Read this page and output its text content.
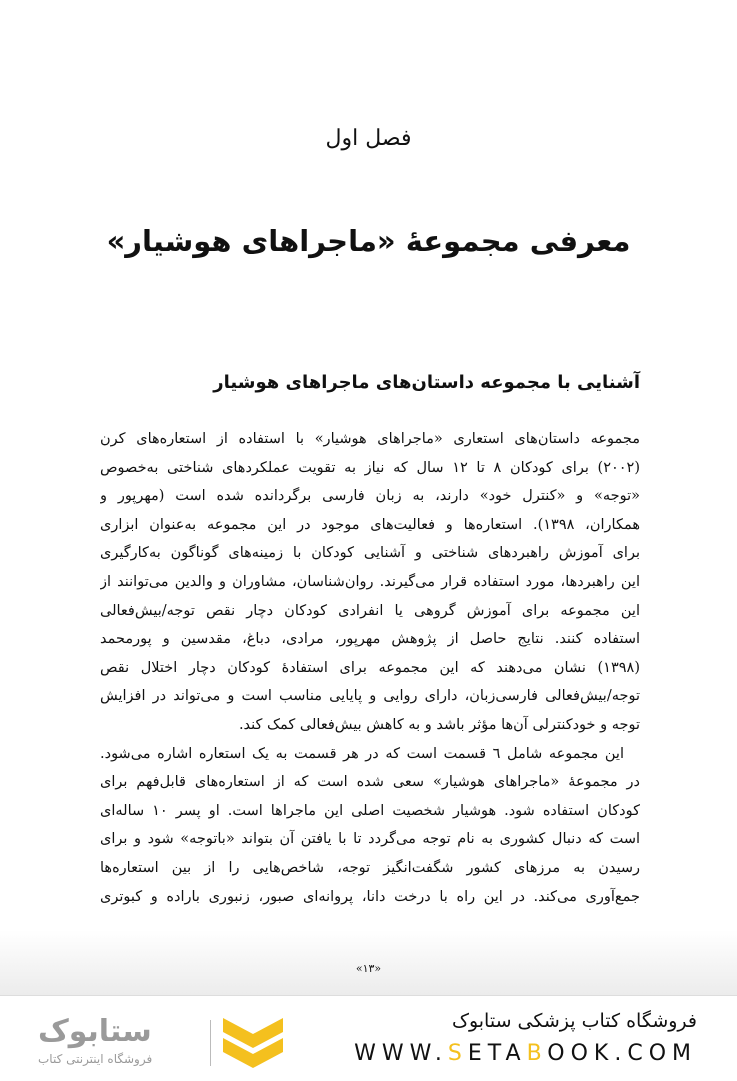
فصل اول
معرفی مجموعهٔ «ماجراهای هوشیار»
آشنایی با مجموعه داستان‌های ماجراهای هوشیار
مجموعه داستان‌های استعاری «ماجراهای هوشیار» با استفاده از استعاره‌های کرن
(۲۰۰۲) برای کودکان ۸ تا ۱۲ سال که نیاز به تقویت عملکردهای شناختی به‌خصوص
«توجه» و «کنترل خود» دارند، به زبان فارسی برگردانده شده است (مهرپور و
همکاران، ۱۳۹۸). استعاره‌ها و فعالیت‌های موجود در این مجموعه به‌عنوان ابزاری
برای آموزش راهبردهای شناختی و آشنایی کودکان با زمینه‌های گوناگون به‌کارگیری
این راهبردها، مورد استفاده قرار می‌گیرند. روان‌شناسان، مشاوران و والدین می‌توانند از
این مجموعه برای آموزش گروهی یا انفرادی کودکان دچار نقص توجه/بیش‌فعالی
استفاده کنند. نتایج حاصل از پژوهش مهرپور، مرادی، دباغ، مقدسین و پورمحمد
(۱۳۹۸) نشان می‌دهند که این مجموعه برای استفادهٔ کودکان دچار اختلال نقص
توجه/بیش‌فعالی فارسی‌زبان، دارای روایی و پایایی مناسب است و می‌تواند در افزایش
توجه و خودکنترلی آن‌ها مؤثر باشد و به کاهش بیش‌فعالی کمک کند.
این مجموعه شامل ٦ قسمت است که در هر قسمت به یک استعاره اشاره می‌شود.
در مجموعهٔ «ماجراهای هوشیار» سعی شده است که از استعاره‌های قابل‌فهم برای
کودکان استفاده شود. هوشیار شخصیت اصلی این ماجراها است. او پسر ۱۰ ساله‌ای
است که دنبال کشوری به نام توجه می‌گردد تا با یافتن آن بتواند «باتوجه» شود و برای
رسیدن به مرزهای کشور شگفت‌انگیز توجه، شاخص‌هایی را از بین استعاره‌ها
جمع‌آوری می‌کند. در این راه با درخت دانا، پروانه‌ای صبور، زنبوری باراده و کبوتری
«۱۳»
ستابوک
فروشگاه اینترنتی کتاب
فروشگاه کتاب پزشکی ستابوک
WWW.SETABOOK.COM
